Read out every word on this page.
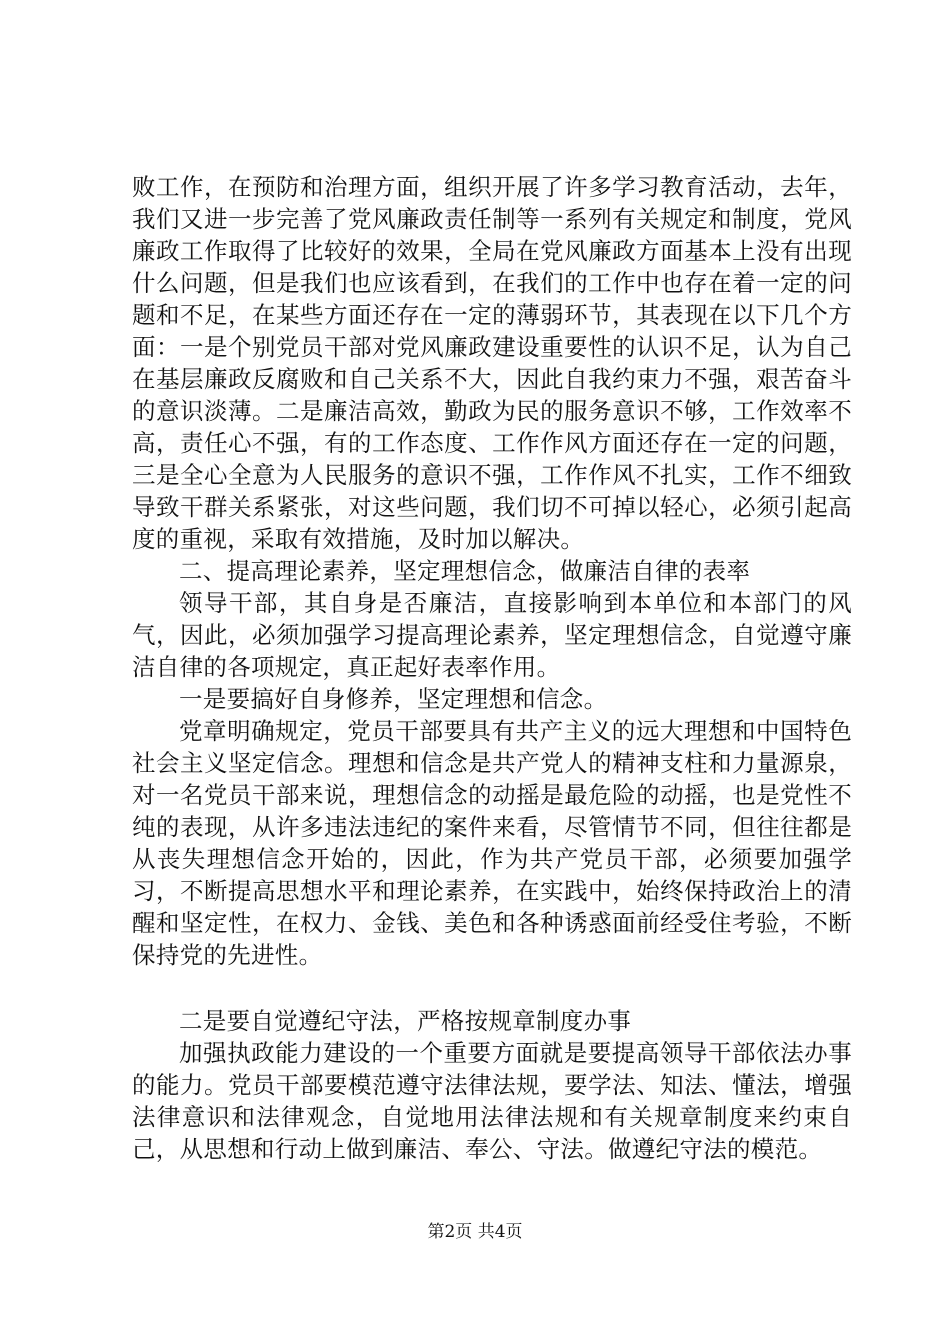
败工作，在预防和治理方面，组织开展了许多学习教育活动，去年，我们又进一步完善了党风廉政责任制等一系列有关规定和制度，党风廉政工作取得了比较好的效果，全局在党风廉政方面基本上没有出现什么问题，但是我们也应该看到，在我们的工作中也存在着一定的问题和不足，在某些方面还存在一定的薄弱环节，其表现在以下几个方面：一是个别党员干部对党风廉政建设重要性的认识不足，认为自己在基层廉政反腐败和自己关系不大，因此自我约束力不强，艰苦奋斗的意识淡薄。二是廉洁高效，勤政为民的服务意识不够，工作效率不高，责任心不强，有的工作态度、工作作风方面还存在一定的问题，三是全心全意为人民服务的意识不强，工作作风不扎实，工作不细致导致干群关系紧张，对这些问题，我们切不可掉以轻心，必须引起高度的重视，采取有效措施，及时加以解决。

二、提高理论素养，坚定理想信念，做廉洁自律的表率

领导干部，其自身是否廉洁，直接影响到本单位和本部门的风气，因此，必须加强学习提高理论素养，坚定理想信念，自觉遵守廉洁自律的各项规定，真正起好表率作用。

一是要搞好自身修养，坚定理想和信念。

党章明确规定，党员干部要具有共产主义的远大理想和中国特色社会主义坚定信念。理想和信念是共产党人的精神支柱和力量源泉，对一名党员干部来说，理想信念的动摇是最危险的动摇，也是党性不纯的表现，从许多违法违纪的案件来看，尽管情节不同，但往往都是从丧失理想信念开始的，因此，作为共产党员干部，必须要加强学习，不断提高思想水平和理论素养，在实践中，始终保持政治上的清醒和坚定性，在权力、金钱、美色和各种诱惑面前经受住考验，不断保持党的先进性。

二是要自觉遵纪守法，严格按规章制度办事

加强执政能力建设的一个重要方面就是要提高领导干部依法办事的能力。党员干部要模范遵守法律法规，要学法、知法、懂法，增强法律意识和法律观念，自觉地用法律法规和有关规章制度来约束自己，从思想和行动上做到廉洁、奉公、守法。做遵纪守法的模范。

第2页 共4页
